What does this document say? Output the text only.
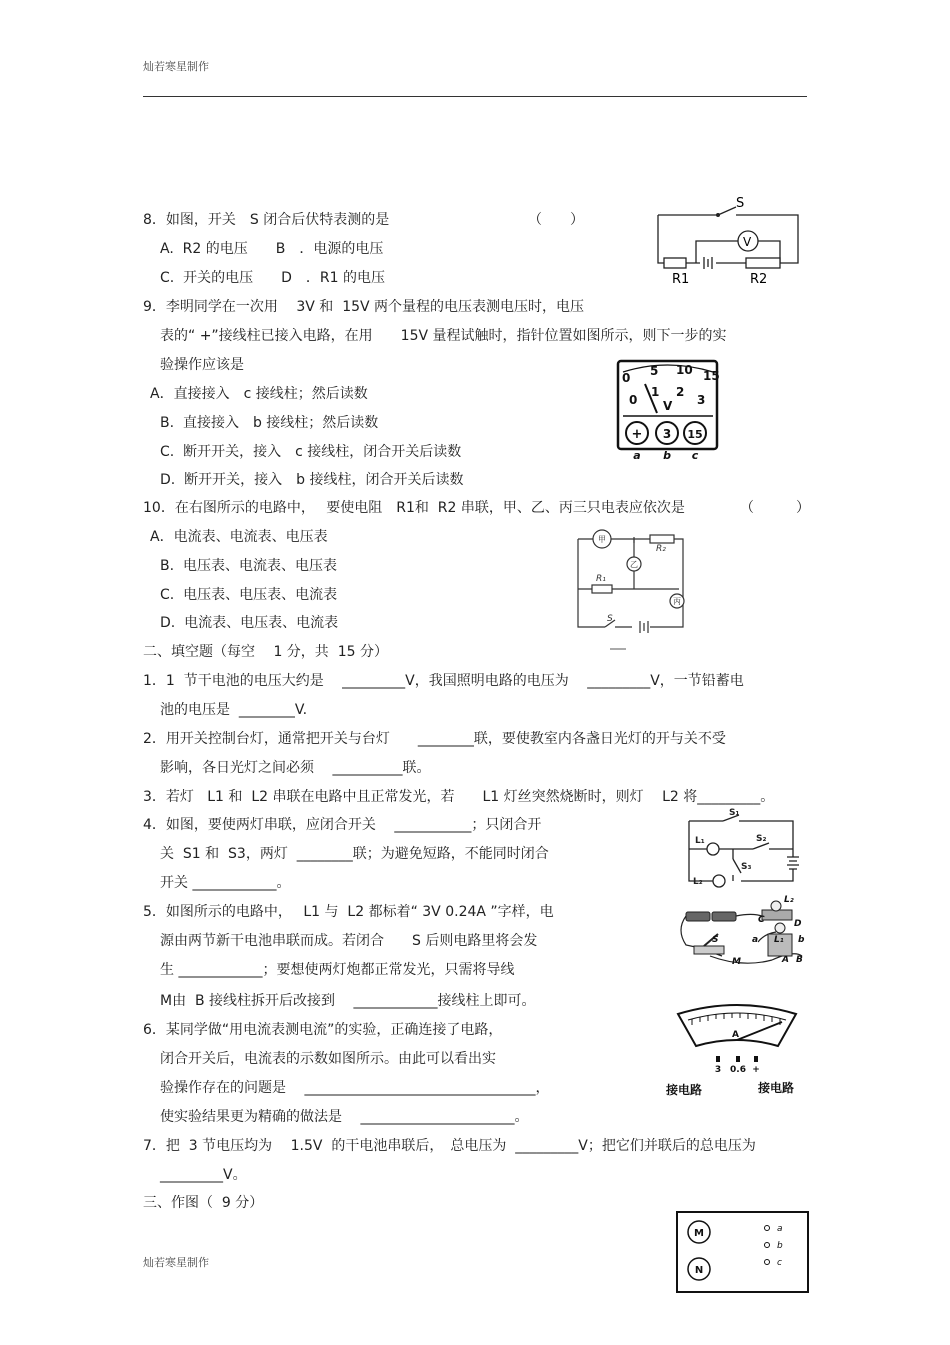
灿若寒星制作
8．如图，开关　S 闭合后伏特表测的是	（　　）
A.  R2 的电压　　B　．电源的电压
C.  开关的电压　　D　．R1 的电压
9．李明同学在一次用　 3V 和  15V 两个量程的电压表测电压时，电压
表的“ +”接线柱已接入电路，在用　　15V 量程试触时，指针位置如图所示，则下一步的实
验操作应该是
A．直接接入　c 接线柱；然后读数
B.  直接接入　b 接线柱；然后读数
C.  断开开关，接入　c 接线柱，闭合开关后读数
D.  断开开关，接入　b 接线柱，闭合开关后读数
10．在右图所示的电路中，　 要使电阻　R1和  R2 串联，甲、乙、丙三只电表应依次是	（　　　）
A．电流表、电流表、电压表
B.  电压表、电流表、电压表
C.  电压表、电压表、电流表
D.  电流表、电压表、电流表
二、填空题（每空　 1 分，共  15 分）
1．1  节干电池的电压大约是　 _________V，我国照明电路的电压为　 _________V，一节铅蓄电
池的电压是  ________V.
2．用开关控制台灯，通常把开关与台灯　　________联，要使教室内各盏日光灯的开与关不受
影响，各日光灯之间必须　 __________联。
3．若灯   L1 和  L2 串联在电路中且正常发光，若　　L1 灯丝突然烧断时，则灯　 L2 将_________。
4．如图，要使两灯串联，应闭合开关　 ___________；只闭合开
关  S1 和  S3，两灯  ________联；为避免短路，不能同时闭合
开关 ____________。
5．如图所示的电路中，　 L1 与  L2 都标着“ 3V 0.24A ”字样，电
源由两节新干电池串联而成。若闭合　　S 后则电路里将会发
生 ____________；要想使两灯炮都正常发光，只需将导线
M由  B 接线柱拆开后改接到　 ____________接线柱上即可。
6．某同学做“用电流表测电流”的实验，正确连接了电路，
闭合开关后，电流表的示数如图所示。由此可以看出实
验操作存在的问题是　 _________________________________，
使实验结果更为精确的做法是　 ______________________。
7．把  3 节电压均为　 1.5V  的干电池串联后，　总电压为  _________V；把它们并联后的总电压为
_________V。
三、作图（  9 分）
灿若寒星制作
S
V
R1	R2
0 5 10 15
0
1 2
3
V
+ 3 15
a b c
甲
乙
丙
R₂
R₁
S
S₁
S₂
S₃
L₁
L₂
L₂
C	D
a L₁ b
S
M	A B
A
3 0.6 +
接电路	接电路
M
N
a
b
c
